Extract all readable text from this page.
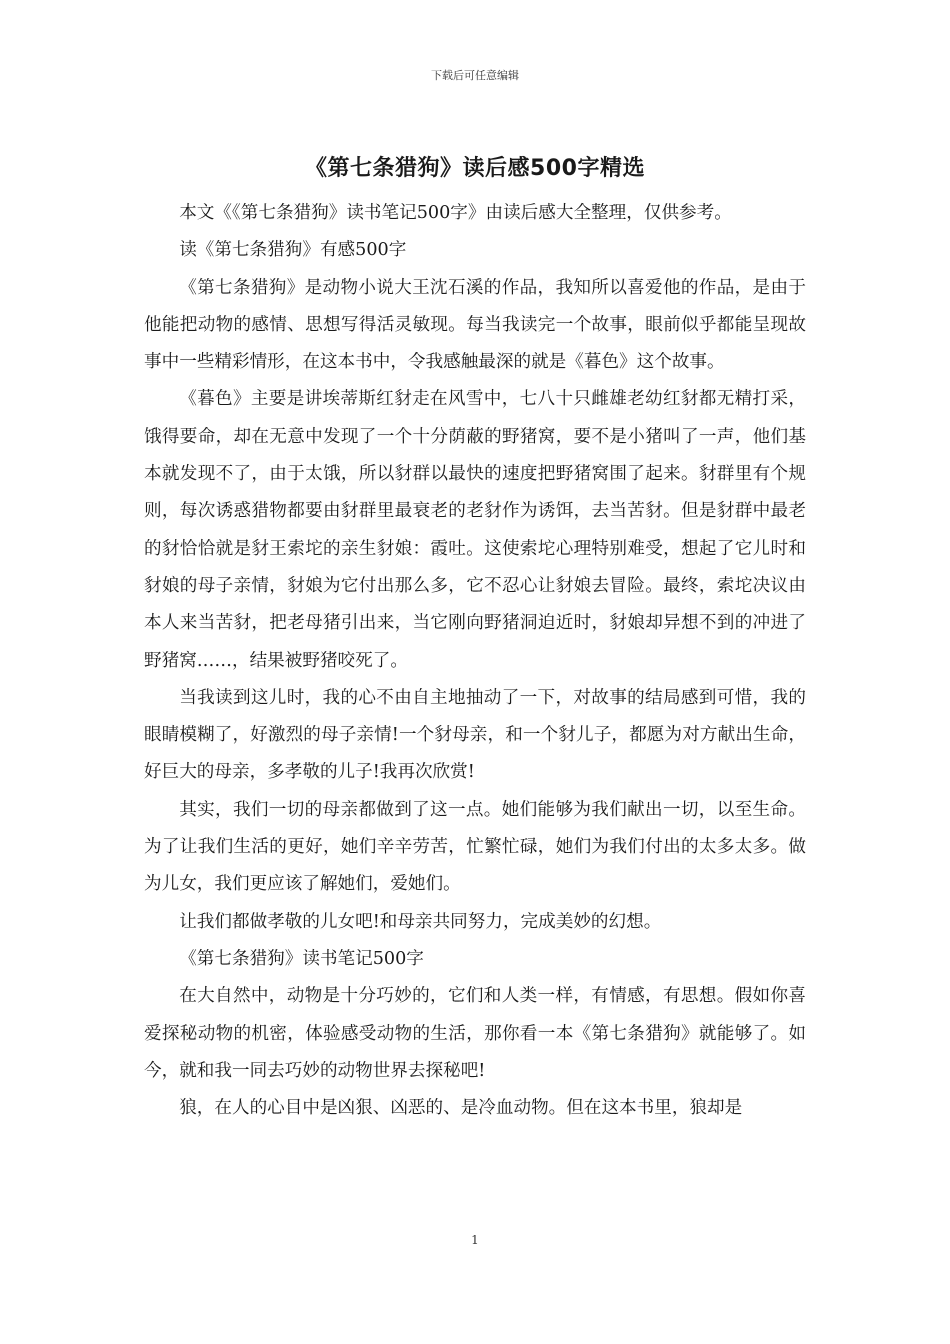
下载后可任意编辑
《第七条猎狗》读后感500字精选

本文《《第七条猎狗》读书笔记500字》由读后感大全整理，仅供参考。

读《第七条猎狗》有感500字

《第七条猎狗》是动物小说大王沈石溪的作品，我知所以喜爱他的作品，是由于他能把动物的感情、思想写得活灵敏现。每当我读完一个故事，眼前似乎都能呈现故事中一些精彩情形，在这本书中，令我感触最深的就是《暮色》这个故事。

《暮色》主要是讲埃蒂斯红豺走在风雪中，七八十只雌雄老幼红豺都无精打采，饿得要命，却在无意中发现了一个十分荫蔽的野猪窝，要不是小猪叫了一声，他们基本就发现不了，由于太饿，所以豺群以最快的速度把野猪窝围了起来。豺群里有个规则，每次诱惑猎物都要由豺群里最衰老的老豺作为诱饵，去当苦豺。但是豺群中最老的豺恰恰就是豺王索坨的亲生豺娘：霞吐。这使索坨心理特别难受，想起了它儿时和豺娘的母子亲情，豺娘为它付出那么多，它不忍心让豺娘去冒险。最终，索坨决议由本人来当苦豺，把老母猪引出来，当它刚向野猪洞迫近时，豺娘却异想不到的冲进了野猪窝……，结果被野猪咬死了。

当我读到这儿时，我的心不由自主地抽动了一下，对故事的结局感到可惜，我的眼睛模糊了，好激烈的母子亲情!一个豺母亲，和一个豺儿子，都愿为对方献出生命，好巨大的母亲，多孝敬的儿子!我再次欣赏!

其实，我们一切的母亲都做到了这一点。她们能够为我们献出一切，以至生命。为了让我们生活的更好，她们辛辛劳苦，忙繁忙碌，她们为我们付出的太多太多。做为儿女，我们更应该了解她们，爱她们。

让我们都做孝敬的儿女吧!和母亲共同努力，完成美妙的幻想。

《第七条猎狗》读书笔记500字

在大自然中，动物是十分巧妙的，它们和人类一样，有情感，有思想。假如你喜爱探秘动物的机密，体验感受动物的生活，那你看一本《第七条猎狗》就能够了。如今，就和我一同去巧妙的动物世界去探秘吧!

狼，在人的心目中是凶狠、凶恶的、是冷血动物。但在这本书里，狼却是

1
